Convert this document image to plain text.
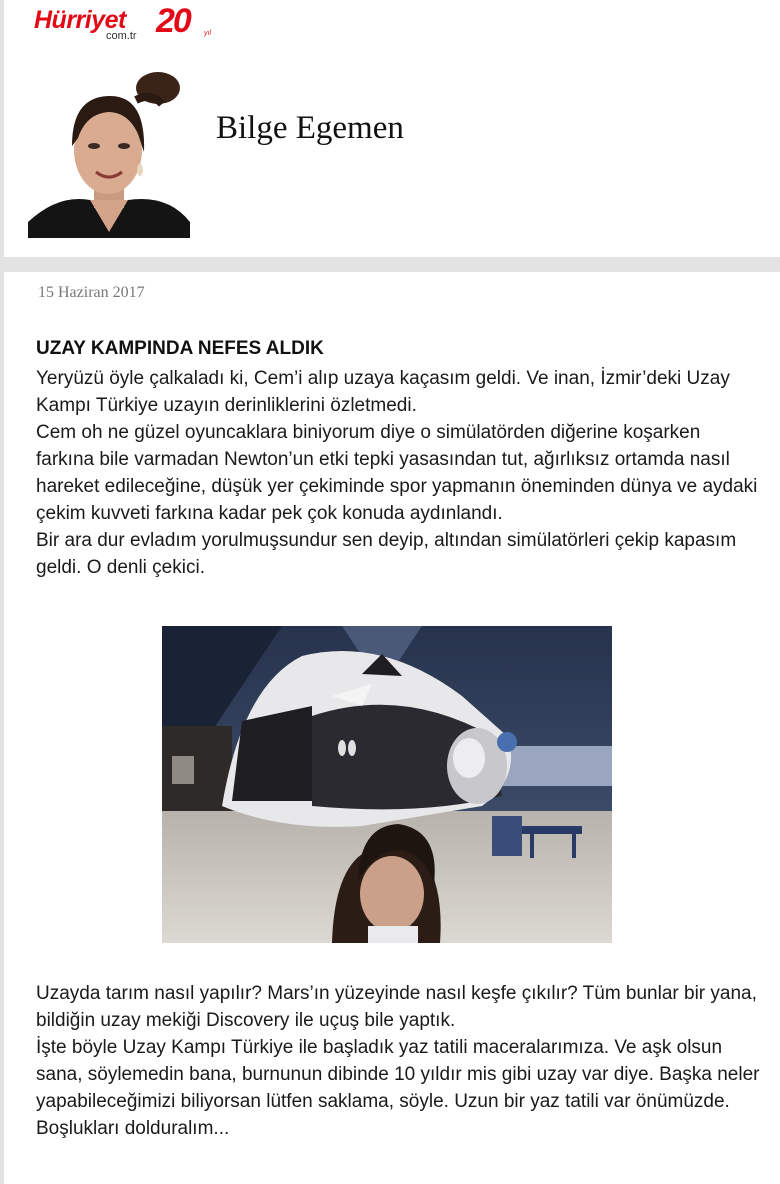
Hürriyet
com.tr 20 yıl
Bilge Egemen
15 Haziran 2017
UZAY KAMPINDA NEFES ALDIK
Yeryüzü öyle çalkaladı ki, Cem’i alıp uzaya kaçasım geldi. Ve inan, İzmir’deki Uzay Kampı Türkiye uzayın derinliklerini özletmedi.
Cem oh ne güzel oyuncaklara biniyorum diye o simülatörden diğerine koşarken farkına bile varmadan Newton’un etki tepki yasasından tut, ağırlıksız ortamda nasıl hareket edileceğine, düşük yer çekiminde spor yapmanın öneminden dünya ve aydaki çekim kuvveti farkına kadar pek çok konuda aydınlandı.
Bir ara dur evladım yorulmuşsundur sen deyip, altından simülatörleri çekip kapasım geldi. O denli çekici.
Uzayda tarım nasıl yapılır? Mars’ın yüzeyinde nasıl keşfe çıkılır? Tüm bunlar bir yana, bildiğin uzay mekiği Discovery ile uçuş bile yaptık.
İşte böyle Uzay Kampı Türkiye ile başladık yaz tatili maceralarımıza. Ve aşk olsun sana, söylemedin bana, burnunun dibinde 10 yıldır mis gibi uzay var diye. Başka neler yapabileceğimizi biliyorsan lütfen saklama, söyle. Uzun bir yaz tatili var önümüzde.
Boşlukları dolduralım...
